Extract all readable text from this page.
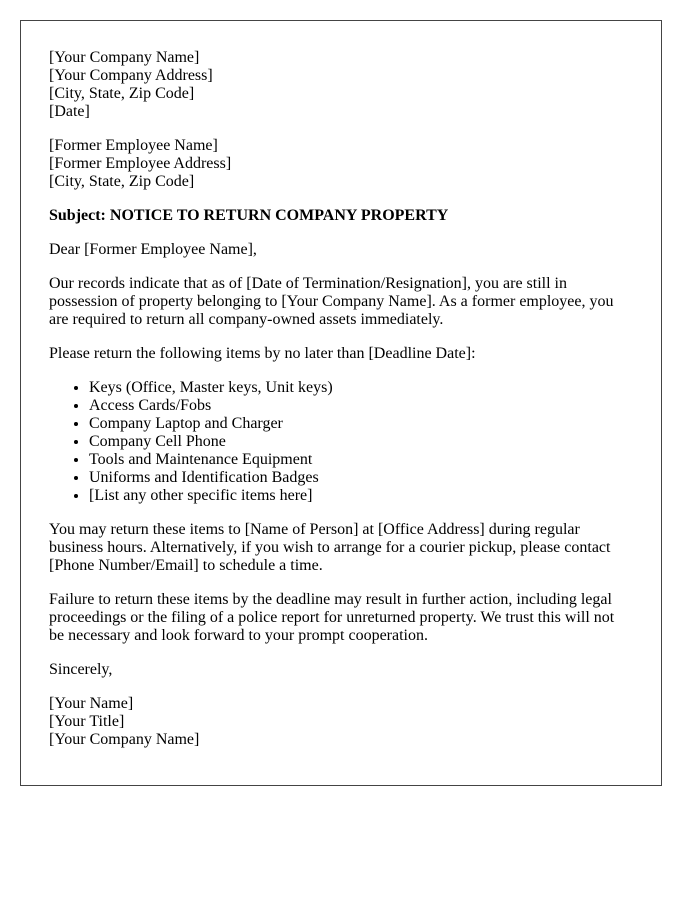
[Your Company Name]
[Your Company Address]
[City, State, Zip Code]
[Date]

[Former Employee Name]
[Former Employee Address]
[City, State, Zip Code]

Subject: NOTICE TO RETURN COMPANY PROPERTY

Dear [Former Employee Name],

Our records indicate that as of [Date of Termination/Resignation], you are still in possession of property belonging to [Your Company Name]. As a former employee, you are required to return all company-owned assets immediately.

Please return the following items by no later than [Deadline Date]:

• Keys (Office, Master keys, Unit keys)
• Access Cards/Fobs
• Company Laptop and Charger
• Company Cell Phone
• Tools and Maintenance Equipment
• Uniforms and Identification Badges
• [List any other specific items here]

You may return these items to [Name of Person] at [Office Address] during regular business hours. Alternatively, if you wish to arrange for a courier pickup, please contact [Phone Number/Email] to schedule a time.

Failure to return these items by the deadline may result in further action, including legal proceedings or the filing of a police report for unreturned property. We trust this will not be necessary and look forward to your prompt cooperation.

Sincerely,

[Your Name]
[Your Title]
[Your Company Name]
